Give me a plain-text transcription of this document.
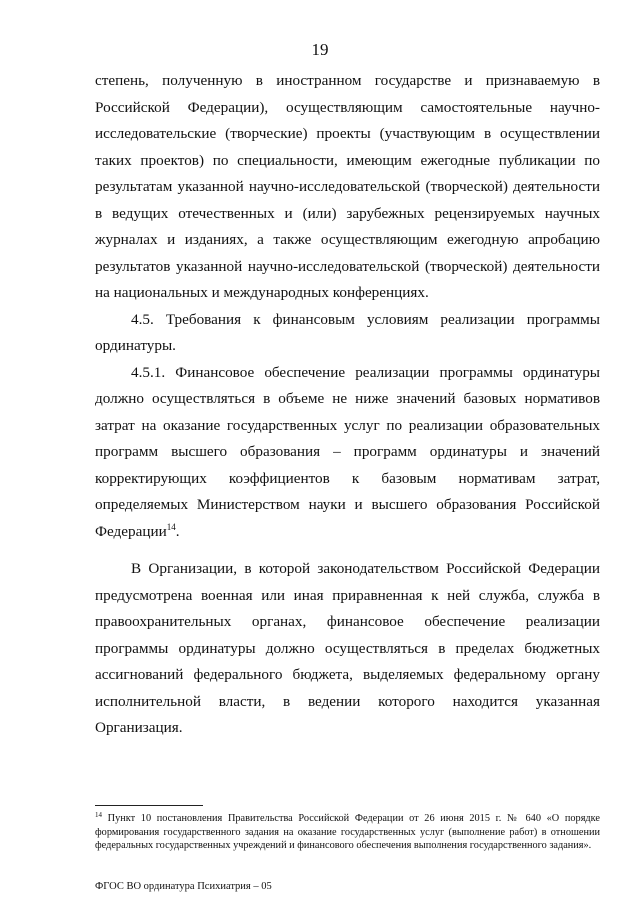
19

степень, полученную в иностранном государстве и признаваемую в Российской Федерации), осуществляющим самостоятельные научно-исследовательские (творческие) проекты (участвующим в осуществлении таких проектов) по специальности, имеющим ежегодные публикации по результатам указанной научно-исследовательской (творческой) деятельности в ведущих отечественных и (или) зарубежных рецензируемых научных журналах и изданиях, а также осуществляющим ежегодную апробацию результатов указанной научно-исследовательской (творческой) деятельности на национальных и международных конференциях.

4.5. Требования к финансовым условиям реализации программы ординатуры.

4.5.1. Финансовое обеспечение реализации программы ординатуры должно осуществляться в объеме не ниже значений базовых нормативов затрат на оказание государственных услуг по реализации образовательных программ высшего образования – программ ординатуры и значений корректирующих коэффициентов к базовым нормативам затрат, определяемых Министерством науки и высшего образования Российской Федерации$^{14}$.

В Организации, в которой законодательством Российской Федерации предусмотрена военная или иная приравненная к ней служба, служба в правоохранительных органах, финансовое обеспечение реализации программы ординатуры должно осуществляться в пределах бюджетных ассигнований федерального бюджета, выделяемых федеральному органу исполнительной власти, в ведении которого находится указанная Организация.

$^{14}$ Пункт 10 постановления Правительства Российской Федерации от 26 июня 2015 г. № 640 «О порядке формирования государственного задания на оказание государственных услуг (выполнение работ) в отношении федеральных государственных учреждений и финансового обеспечения выполнения государственного задания».

ФГОС ВО ординатура Психиатрия – 05
